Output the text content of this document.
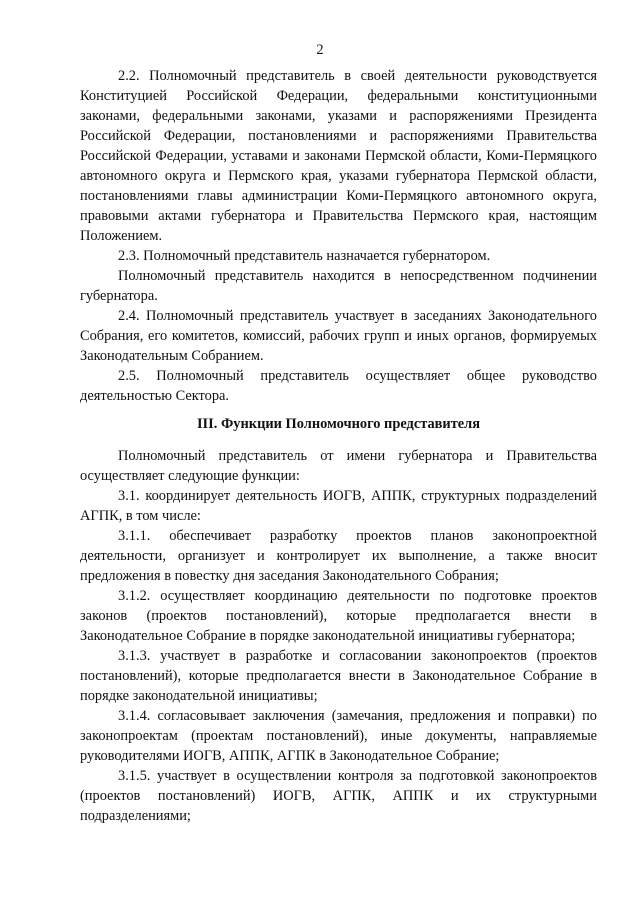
2

2.2. Полномочный представитель в своей деятельности руководствуется Конституцией Российской Федерации, федеральными конституционными законами, федеральными законами, указами и распоряжениями Президента Российской Федерации, постановлениями и распоряжениями Правительства Российской Федерации, уставами и законами Пермской области, Коми-Пермяцкого автономного округа и Пермского края, указами губернатора Пермской области, постановлениями главы администрации Коми-Пермяцкого автономного округа, правовыми актами губернатора и Правительства Пермского края, настоящим Положением.

2.3. Полномочный представитель назначается губернатором.

Полномочный представитель находится в непосредственном подчинении губернатора.

2.4. Полномочный представитель участвует в заседаниях Законодательного Собрания, его комитетов, комиссий, рабочих групп и иных органов, формируемых Законодательным Собранием.

2.5. Полномочный представитель осуществляет общее руководство деятельностью Сектора.

III. Функции Полномочного представителя

Полномочный представитель от имени губернатора и Правительства осуществляет следующие функции:

3.1. координирует деятельность ИОГВ, АППК, структурных подразделений АГПК, в том числе:

3.1.1. обеспечивает разработку проектов планов законопроектной деятельности, организует и контролирует их выполнение, а также вносит предложения в повестку дня заседания Законодательного Собрания;

3.1.2. осуществляет координацию деятельности по подготовке проектов законов (проектов постановлений), которые предполагается внести в Законодательное Собрание в порядке законодательной инициативы губернатора;

3.1.3. участвует в разработке и согласовании законопроектов (проектов постановлений), которые предполагается внести в Законодательное Собрание в порядке законодательной инициативы;

3.1.4. согласовывает заключения (замечания, предложения и поправки) по законопроектам (проектам постановлений), иные документы, направляемые руководителями ИОГВ, АППК, АГПК в Законодательное Собрание;

3.1.5. участвует в осуществлении контроля за подготовкой законопроектов (проектов постановлений) ИОГВ, АГПК, АППК и их структурными подразделениями;
